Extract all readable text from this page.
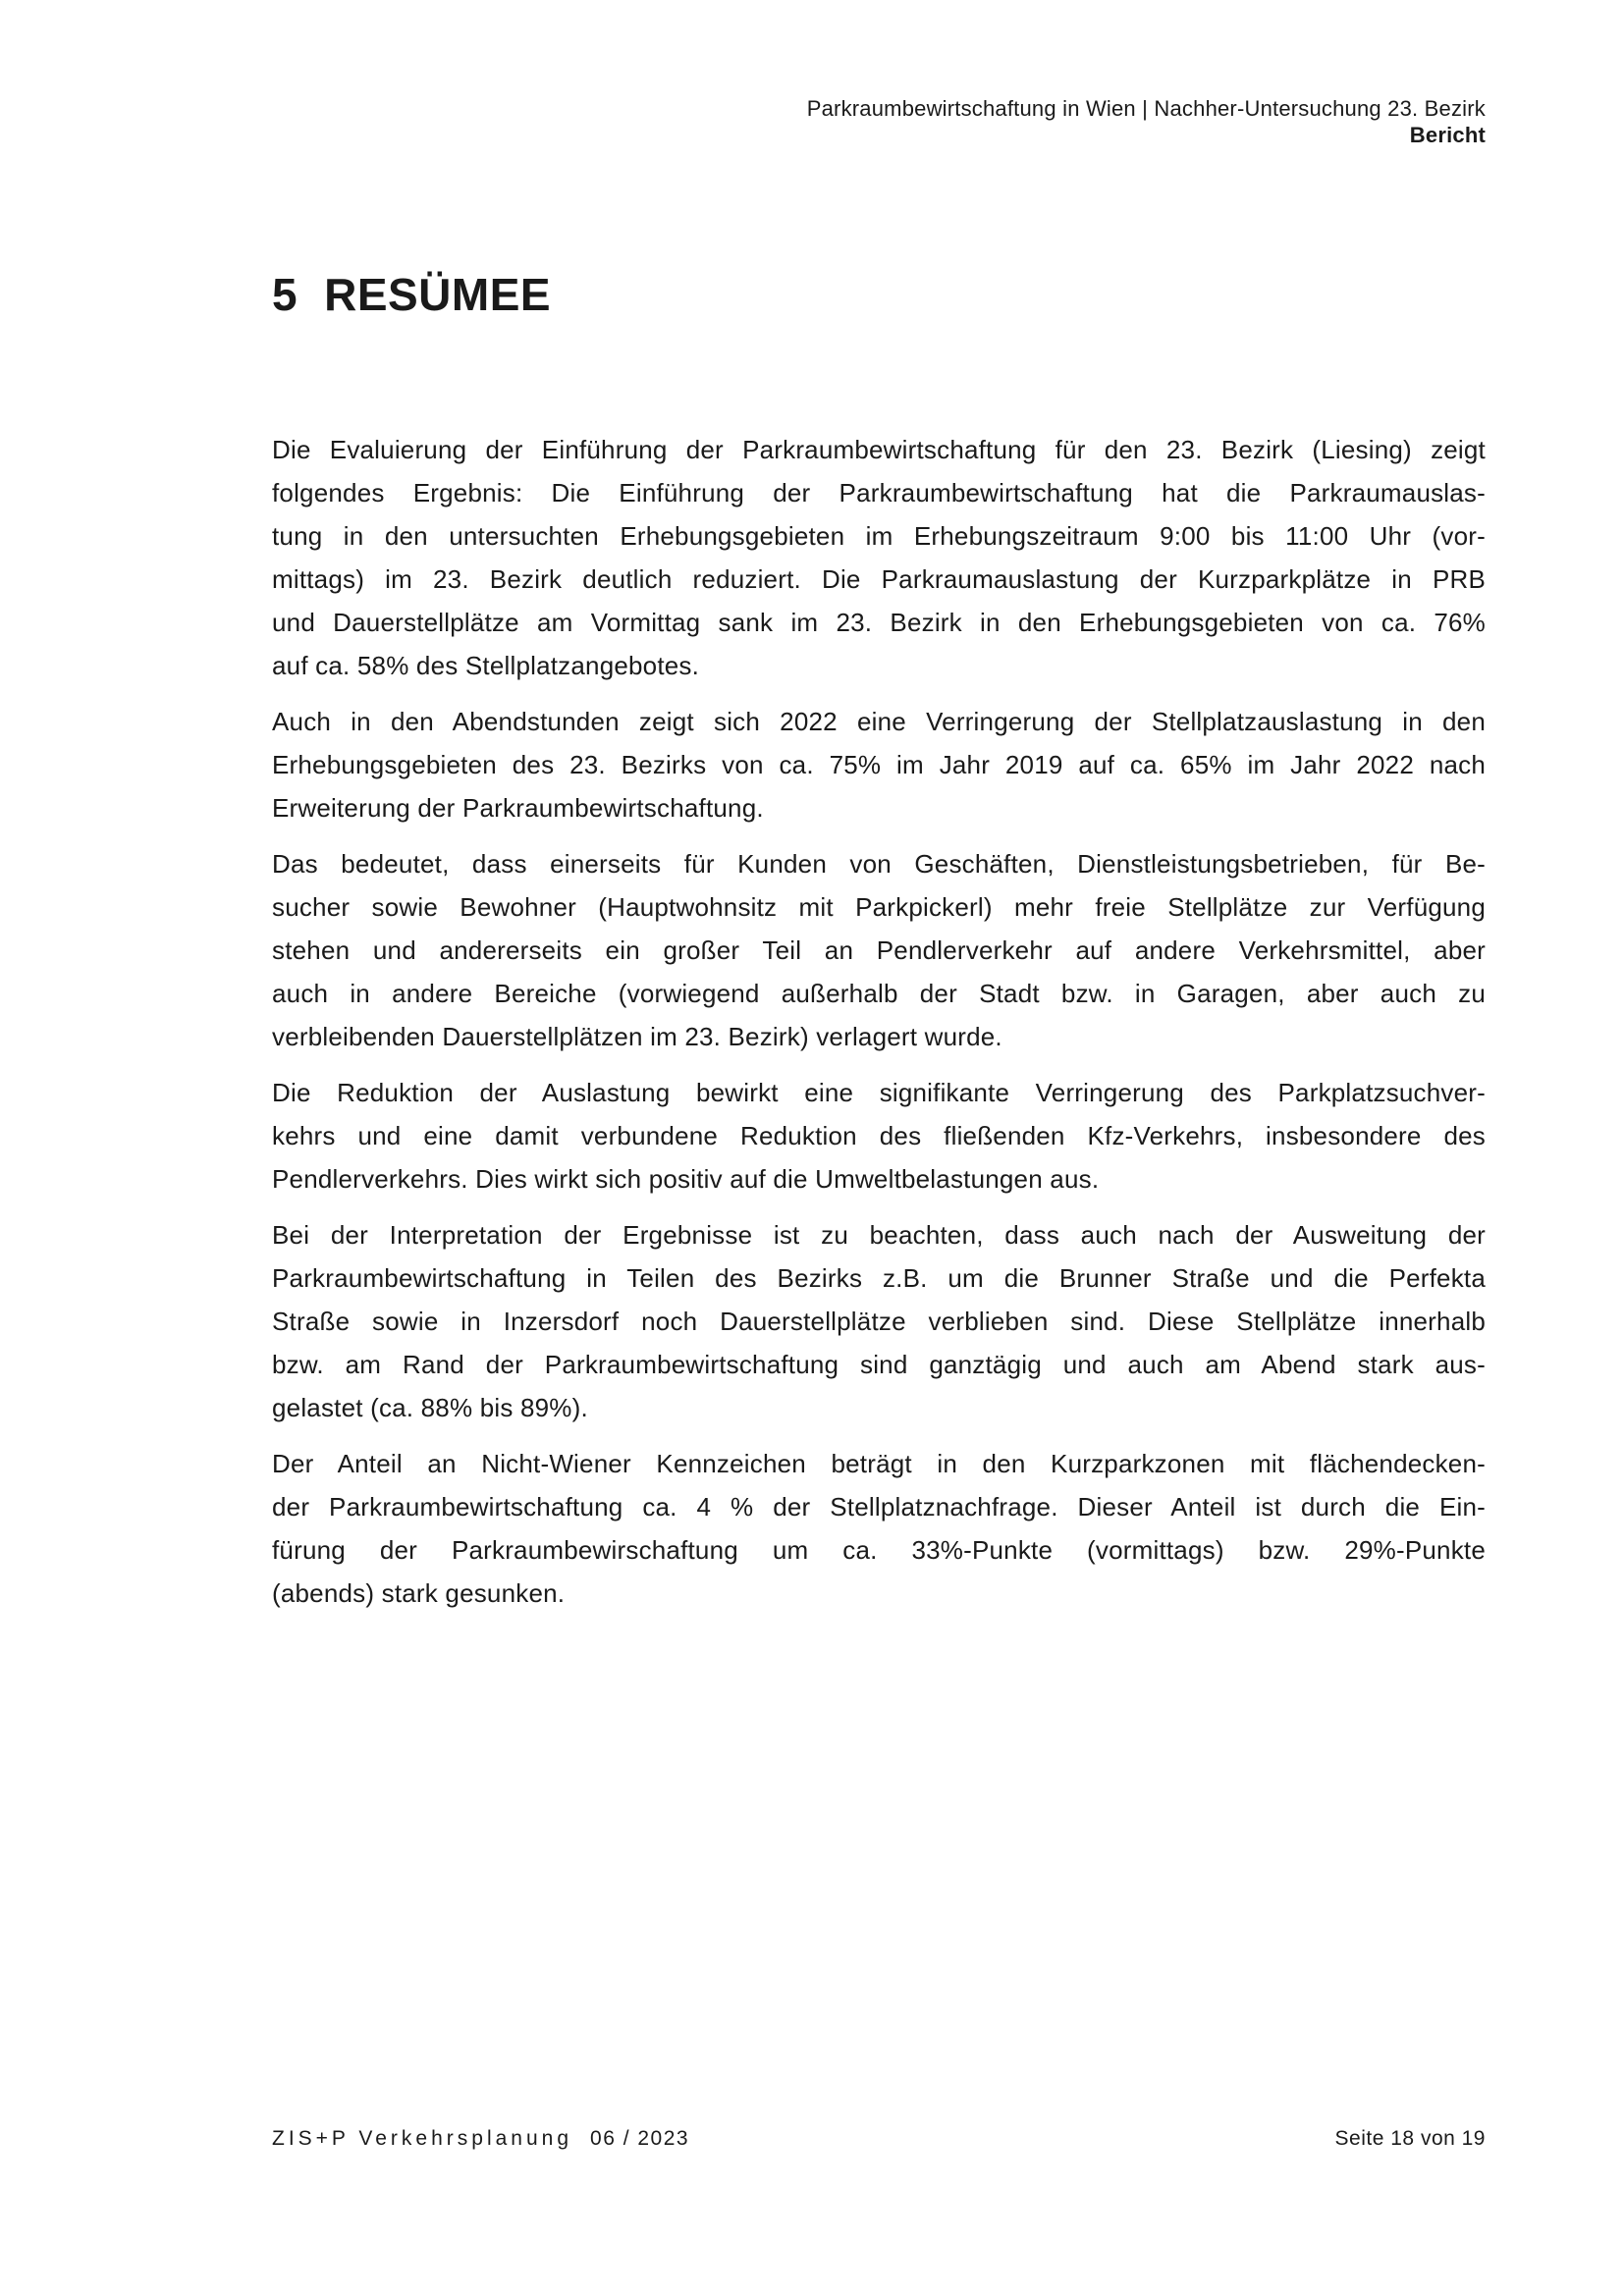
Parkraumbewirtschaftung in Wien | Nachher-Untersuchung 23. Bezirk
Bericht
5 RESÜMEE
Die Evaluierung der Einführung der Parkraumbewirtschaftung für den 23. Bezirk (Liesing) zeigt
folgendes Ergebnis: Die Einführung der Parkraumbewirtschaftung hat die Parkraumauslas-
tung in den untersuchten Erhebungsgebieten im Erhebungszeitraum 9:00 bis 11:00 Uhr (vor-
mittags) im 23. Bezirk deutlich reduziert. Die Parkraumauslastung der Kurzparkplätze in PRB
und Dauerstellplätze am Vormittag sank im 23. Bezirk in den Erhebungsgebieten von ca. 76%
auf ca. 58% des Stellplatzangebotes.
Auch in den Abendstunden zeigt sich 2022 eine Verringerung der Stellplatzauslastung in den
Erhebungsgebieten des 23. Bezirks von ca. 75% im Jahr 2019 auf ca. 65% im Jahr 2022 nach
Erweiterung der Parkraumbewirtschaftung.
Das bedeutet, dass einerseits für Kunden von Geschäften, Dienstleistungsbetrieben, für Be-
sucher sowie Bewohner (Hauptwohnsitz mit Parkpickerl) mehr freie Stellplätze zur Verfügung
stehen und andererseits ein großer Teil an Pendlerverkehr auf andere Verkehrsmittel, aber
auch in andere Bereiche (vorwiegend außerhalb der Stadt bzw. in Garagen, aber auch zu
verbleibenden Dauerstellplätzen im 23. Bezirk) verlagert wurde.
Die Reduktion der Auslastung bewirkt eine signifikante Verringerung des Parkplatzsuchver-
kehrs und eine damit verbundene Reduktion des fließenden Kfz-Verkehrs, insbesondere des
Pendlerverkehrs. Dies wirkt sich positiv auf die Umweltbelastungen aus.
Bei der Interpretation der Ergebnisse ist zu beachten, dass auch nach der Ausweitung der
Parkraumbewirtschaftung in Teilen des Bezirks z.B. um die Brunner Straße und die Perfekta
Straße sowie in Inzersdorf noch Dauerstellplätze verblieben sind. Diese Stellplätze innerhalb
bzw. am Rand der Parkraumbewirtschaftung sind ganztägig und auch am Abend stark aus-
gelastet (ca. 88% bis 89%).
Der Anteil an Nicht-Wiener Kennzeichen beträgt in den Kurzparkzonen mit flächendecken-
der Parkraumbewirtschaftung ca. 4 % der Stellplatznachfrage. Dieser Anteil ist durch die Ein-
fürung der Parkraumbewirschaftung um ca. 33%-Punkte (vormittags) bzw. 29%-Punkte
(abends) stark gesunken.
ZIS+P Verkehrsplanung 06 / 2023	Seite 18 von 19
